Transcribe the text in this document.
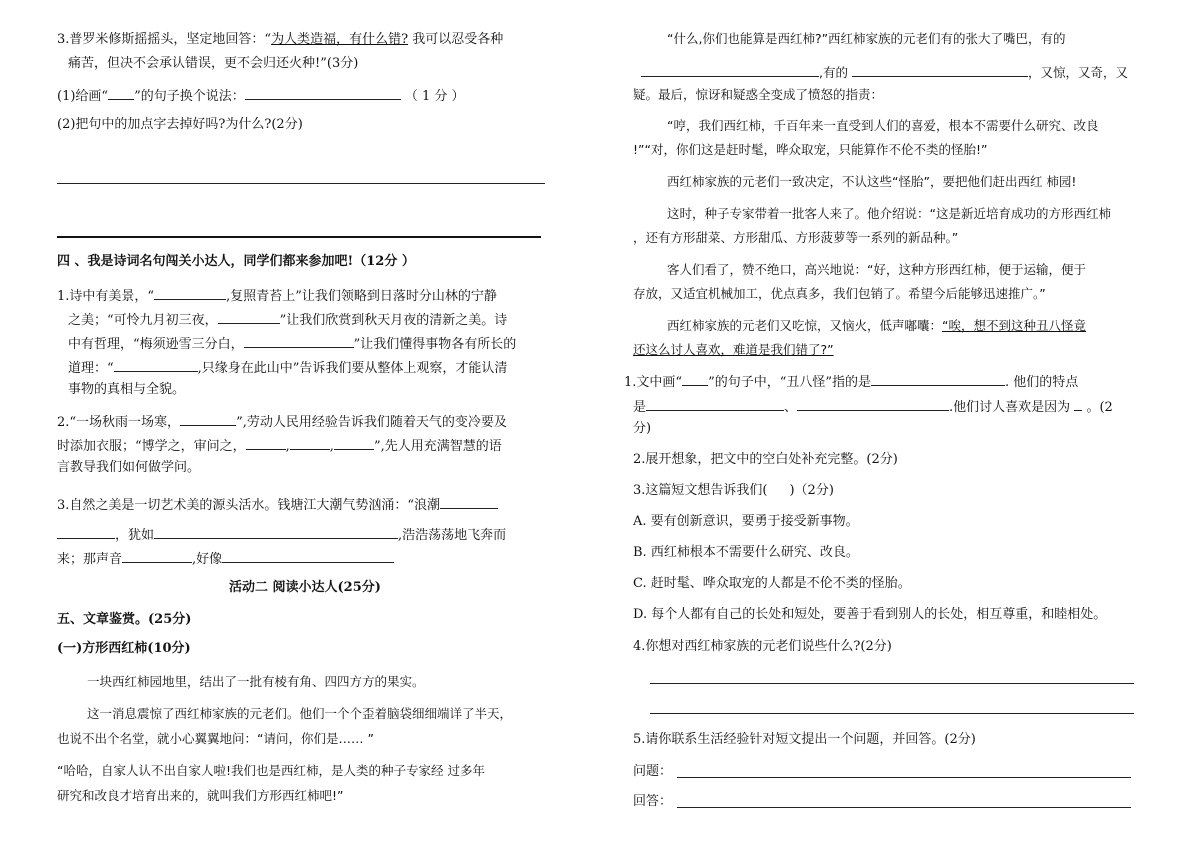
3.普罗米修斯摇摇头，坚定地回答：“为人类造福，有什么错? 我可以忍受各种
痛苦，但决不会承认错误，更不会归还火种!”(3分)
(1)给画“ ”的句子换个说法：	（ 1 分 ）
(2)把句中的加点字去掉好吗?为什么?(2分)
四 、我是诗词名句闯关小达人，同学们都来参加吧!（12分 ）
1.诗中有美景，“	,复照青苔上”让我们领略到日落时分山林的宁静
之美；“可怜九月初三夜，	”让我们欣赏到秋天月夜的清新之美。诗
中有哲理，“梅须逊雪三分白，	”让我们懂得事物各有所长的
道理：“	,只缘身在此山中”告诉我们要从整体上观察，才能认清
事物的真相与全貌。
2.“一场秋雨一场寒，	”,劳动人民用经验告诉我们随着天气的变冷要及
时添加衣服；“博学之，审问之，	,	,	”,先人用充满智慧的语
言教导我们如何做学问。
3.自然之美是一切艺术美的源头活水。钱塘江大潮气势汹涌：“浪潮
，犹如	,浩浩荡荡地飞奔而
来；那声音	,好像
活动二 阅读小达人(25分)
五、文章鉴赏。(25分)
(一)方形西红柿(10分)
一块西红柿园地里，结出了一批有棱有角、四四方方的果实。
这一消息震惊了西红柿家族的元老们。他们一个个歪着脑袋细细端详了半天，
也说不出个名堂，就小心翼翼地问：“请问，你们是…… ”
“哈哈，自家人认不出自家人啦!我们也是西红柿，是人类的种子专家经 过多年
研究和改良才培育出来的，就叫我们方形西红柿吧!”
“什么,你们也能算是西红柿?”西红柿家族的元老们有的张大了嘴巴，有的
,有的	，又惊，又奇，又
疑。最后，惊讶和疑惑全变成了愤怒的指责：
“哼，我们西红柿，千百年来一直受到人们的喜爱，根本不需要什么研究、改良
!”“对，你们这是赶时髦，哗众取宠，只能算作不伦不类的怪胎!”
西红柿家族的元老们一致决定，不认这些“怪胎”，要把他们赶出西红 柿园!
这时，种子专家带着一批客人来了。他介绍说：“这是新近培育成功的方形西红柿
，还有方形甜菜、方形甜瓜、方形菠萝等一系列的新品种。”
客人们看了，赞不绝口，高兴地说：“好，这种方形西红柿，便于运输，便于
存放，又适宜机械加工，优点真多，我们包销了。希望今后能够迅速推广。”
西红柿家族的元老们又吃惊，又恼火，低声嘟囔：“唉，想不到这种丑八怪竟
还这么讨人喜欢，难道是我们错了?”
1.文中画“ ”的句子中，“丑八怪”指的是	. 他们的特点
是	、	.他们讨人喜欢是因为 。(2
分)
2.展开想象，把文中的空白处补充完整。(2分)
3.这篇短文想告诉我们( )（2分)
A. 要有创新意识，要勇于接受新事物。
B. 西红柿根本不需要什么研究、改良。
C. 赶时髦、哗众取宠的人都是不伦不类的怪胎。
D. 每个人都有自己的长处和短处，要善于看到别人的长处，相互尊重，和睦相处。
4.你想对西红柿家族的元老们说些什么?(2分)
5.请你联系生活经验针对短文提出一个问题，并回答。(2分)
问题：
回答：
